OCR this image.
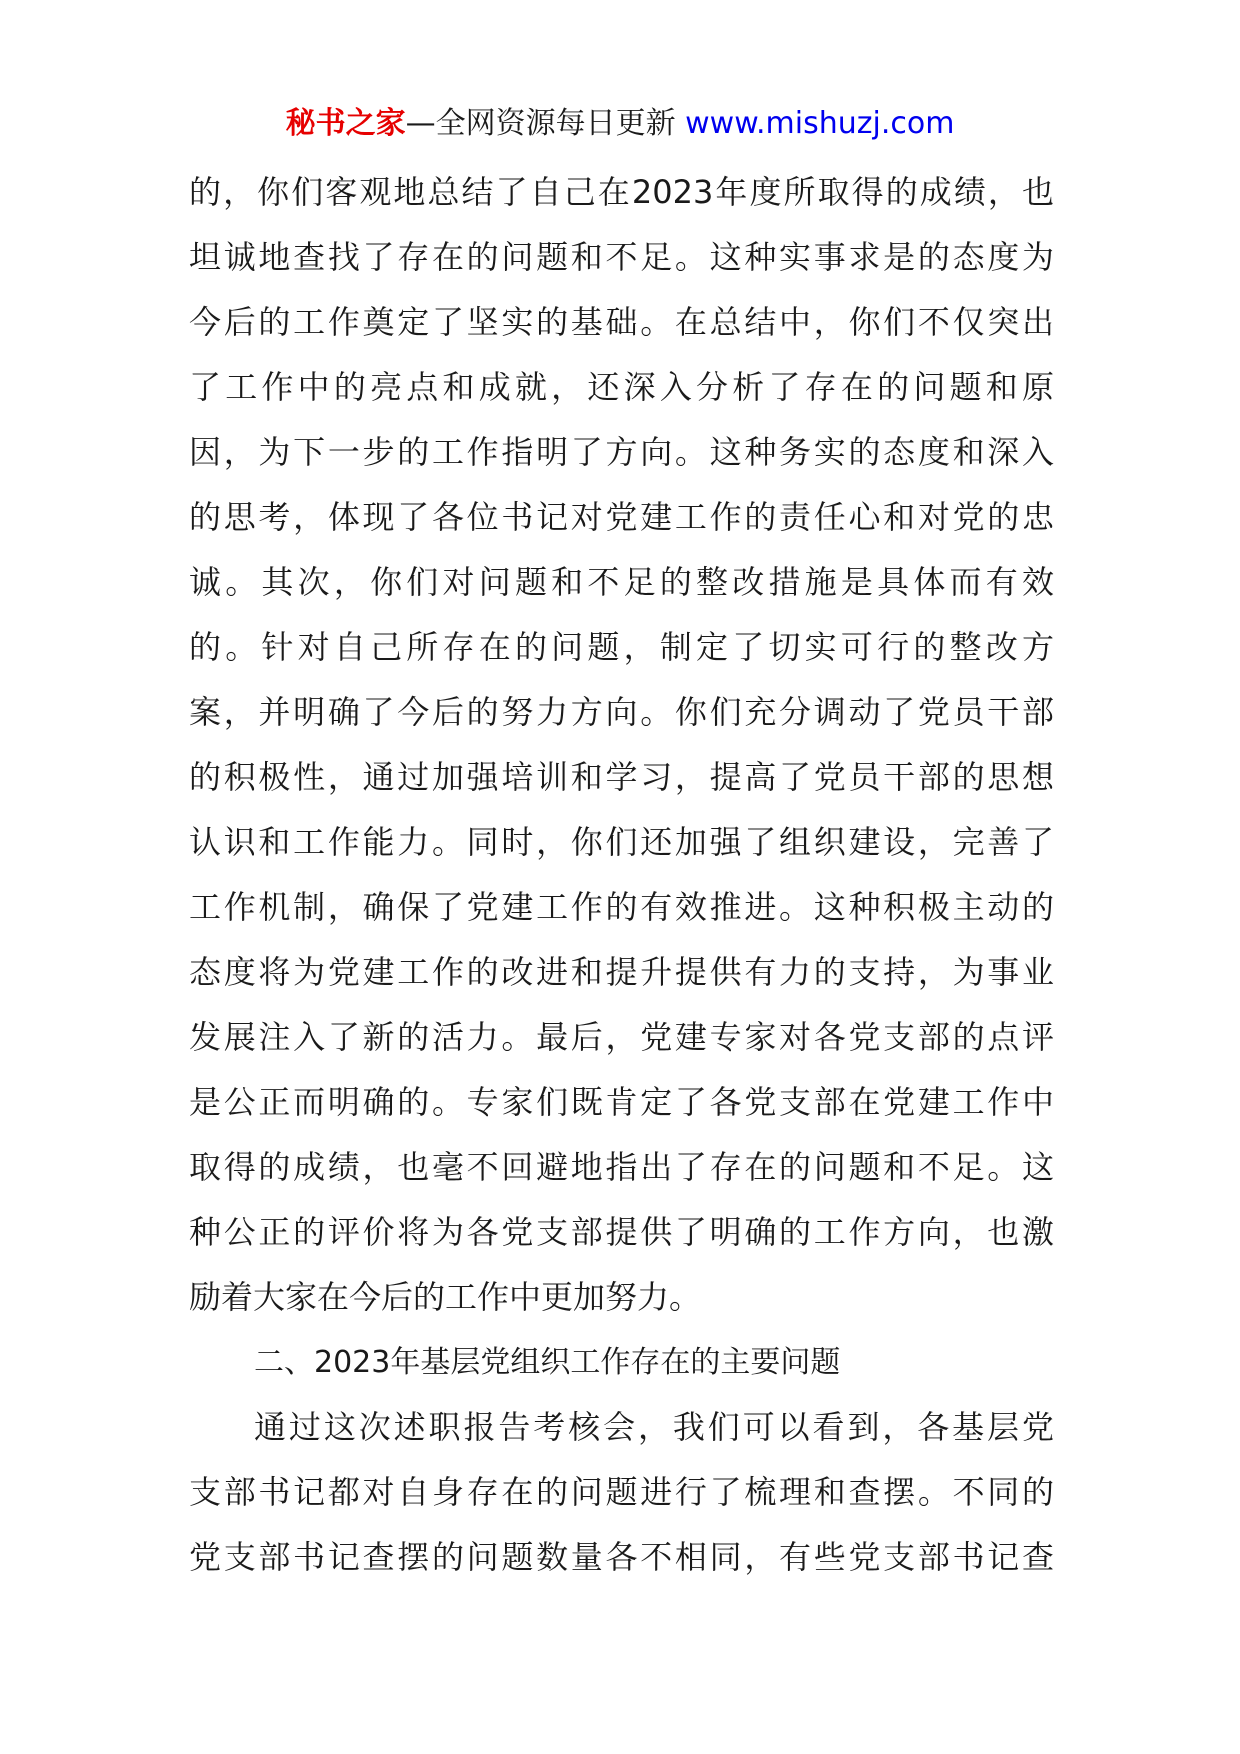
秘书之家—全网资源每日更新 www.mishuzj.com
的，你们客观地总结了自己在2023年度所取得的成绩，也
坦诚地查找了存在的问题和不足。这种实事求是的态度为
今后的工作奠定了坚实的基础。在总结中，你们不仅突出
了工作中的亮点和成就，还深入分析了存在的问题和原
因，为下一步的工作指明了方向。这种务实的态度和深入
的思考，体现了各位书记对党建工作的责任心和对党的忠
诚。其次，你们对问题和不足的整改措施是具体而有效
的。针对自己所存在的问题，制定了切实可行的整改方
案，并明确了今后的努力方向。你们充分调动了党员干部
的积极性，通过加强培训和学习，提高了党员干部的思想
认识和工作能力。同时，你们还加强了组织建设，完善了
工作机制，确保了党建工作的有效推进。这种积极主动的
态度将为党建工作的改进和提升提供有力的支持，为事业
发展注入了新的活力。最后，党建专家对各党支部的点评
是公正而明确的。专家们既肯定了各党支部在党建工作中
取得的成绩，也毫不回避地指出了存在的问题和不足。这
种公正的评价将为各党支部提供了明确的工作方向，也激
励着大家在今后的工作中更加努力。
二、2023年基层党组织工作存在的主要问题
通过这次述职报告考核会，我们可以看到，各基层党
支部书记都对自身存在的问题进行了梳理和查摆。不同的
党支部书记查摆的问题数量各不相同，有些党支部书记查
